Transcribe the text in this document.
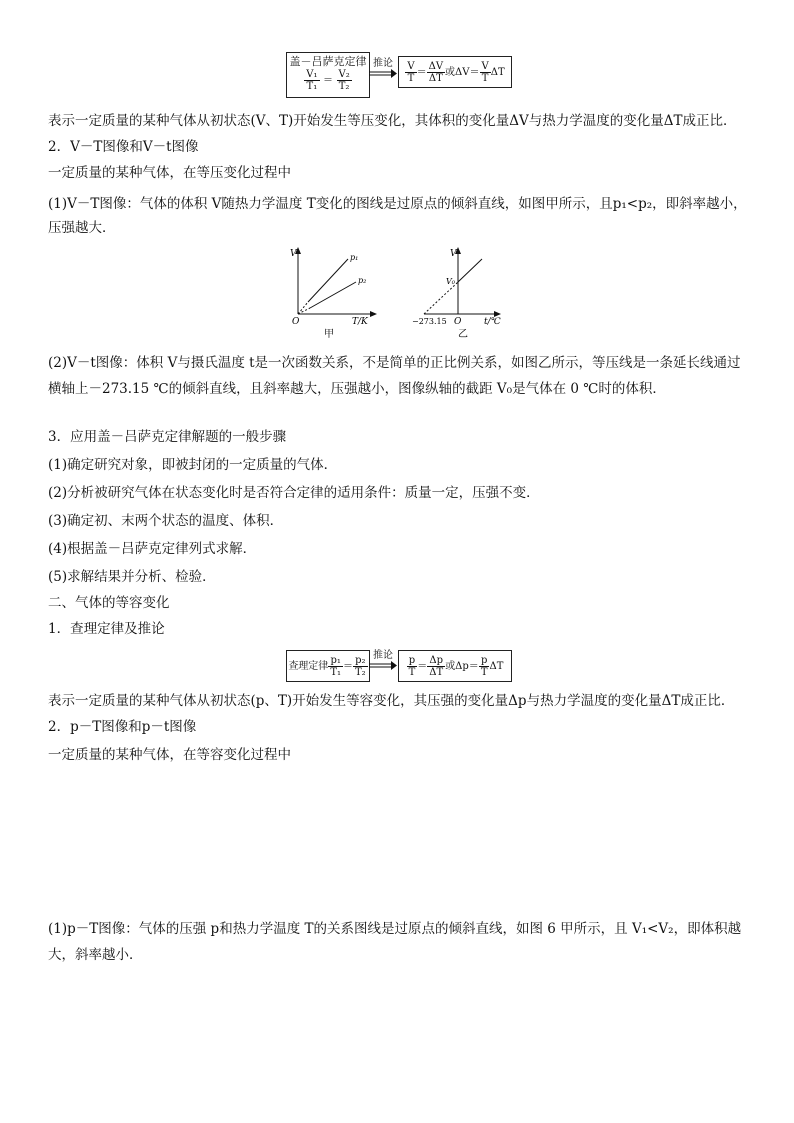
盖－吕萨克定律
$\frac{\text{V₁}}{\text{T₁}} = \frac{\text{V₂}}{\text{T₂}}$
推论	$\frac{V}{T} = \frac{\Delta V}{\Delta T}$ 或$\Delta V= \frac{V}{T}$ ΔT
表示一定质量的某种气体从初状态(V、T)开始发生等压变化，其体积的变化量ΔV与热力学温度的变化量ΔT成正比．
2．V－T图像和V－t图像
一定质量的某种气体，在等压变化过程中
(1)V－T图像：气体的体积 V随热力学温度 T变化的图线是过原点的倾斜直线，如图甲所示，且p₁<p₂，即斜率越小，压强越大．
V	p₁
p₂
O	T/K
甲
V
V₀
−273.15 O	t/℃
乙
(2)V－t图像：体积 V与摄氏温度 t是一次函数关系，不是简单的正比例关系，如图乙所示，等压线是一条延长线通过横轴上－273.15 ℃的倾斜直线，且斜率越大，压强越小，图像纵轴的截距 V₀是气体在 0 ℃时的体积．
3．应用盖－吕萨克定律解题的一般步骤
(1)确定研究对象，即被封闭的一定质量的气体．
(2)分析被研究气体在状态变化时是否符合定律的适用条件：质量一定，压强不变．
(3)确定初、末两个状态的温度、体积．
(4)根据盖－吕萨克定律列式求解．
(5)求解结果并分析、检验．
二、气体的等容变化
1．查理定律及推论
查理定律 $\frac{\text{p₁}}{\text{T₁}} = \frac{\text{p₂}}{\text{T₂}}$ 推论	$\frac{p}{T} = \frac{\Delta p}{\Delta T}$ 或$\Delta p= \frac{p}{T}$ ΔT
表示一定质量的某种气体从初状态(p、T)开始发生等容变化，其压强的变化量Δp与热力学温度的变化量ΔT成正比．
2．p－T图像和p－t图像
一定质量的某种气体，在等容变化过程中
(1)p－T图像：气体的压强 p和热力学温度 T的关系图线是过原点的倾斜直线，如图 6 甲所示，且 V₁<V₂，即体积越大，斜率越小．
